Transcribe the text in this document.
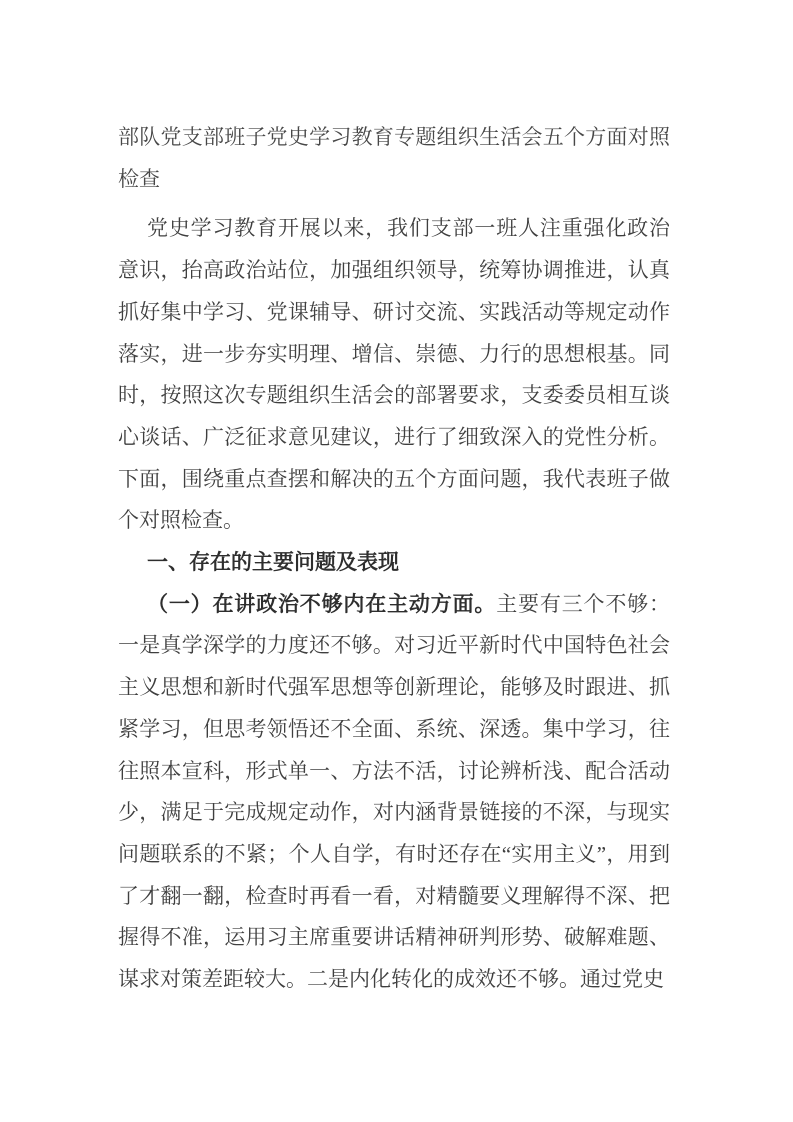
部队党支部班子党史学习教育专题组织生活会五个方面对照检查

党史学习教育开展以来，我们支部一班人注重强化政治意识，抬高政治站位，加强组织领导，统筹协调推进，认真抓好集中学习、党课辅导、研讨交流、实践活动等规定动作落实，进一步夯实明理、增信、崇德、力行的思想根基。同时，按照这次专题组织生活会的部署要求，支委委员相互谈心谈话、广泛征求意见建议，进行了细致深入的党性分析。下面，围绕重点查摆和解决的五个方面问题，我代表班子做个对照检查。

一、存在的主要问题及表现

（一）在讲政治不够内在主动方面。主要有三个不够：一是真学深学的力度还不够。对习近平新时代中国特色社会主义思想和新时代强军思想等创新理论，能够及时跟进、抓紧学习，但思考领悟还不全面、系统、深透。集中学习，往往照本宣科，形式单一、方法不活，讨论辨析浅、配合活动少，满足于完成规定动作，对内涵背景链接的不深，与现实问题联系的不紧；个人自学，有时还存在“实用主义”，用到了才翻一翻，检查时再看一看，对精髓要义理解得不深、把握得不准，运用习主席重要讲话精神研判形势、破解难题、谋求对策差距较大。二是内化转化的成效还不够。通过党史
